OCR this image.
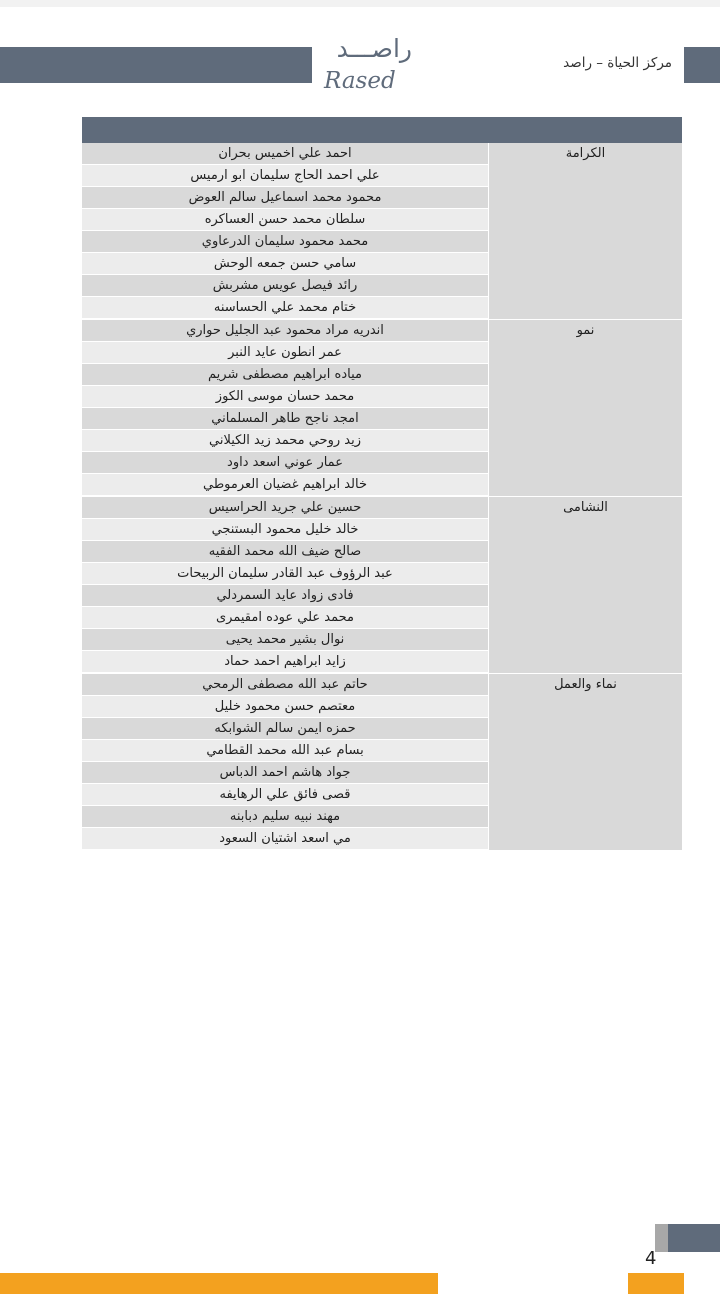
راصـــد
Rased
مركز الحياة – راصد
الكرامة
احمد علي اخميس بحران
علي احمد الحاج سليمان ابو ارميس
محمود محمد اسماعيل سالم العوض
سلطان محمد حسن العساكره
محمد محمود سليمان الدرعاوي
سامي حسن جمعه الوحش
رائد فيصل عويس مشربش
ختام محمد علي الحساسنه
نمو
اندريه مراد محمود عبد الجليل حواري
عمر انطون عايد النبر
مياده ابراهيم مصطفى شريم
محمد حسان موسى الكوز
امجد ناجح طاهر المسلماني
زيد روحي محمد زيد الكيلاني
عمار عوني اسعد داود
خالد ابراهيم غضيان العرموطي
النشامى
حسين علي جريد الحراسيس
خالد خليل محمود البستنجي
صالح ضيف الله محمد الفقيه
عبد الرؤوف عبد القادر سليمان الربيحات
فادى زواد عايد السمردلي
محمد علي عوده امقيمرى
نوال بشير محمد يحيى
زايد ابراهيم احمد حماد
نماء والعمل
حاتم عبد الله مصطفى الرمحي
معتصم حسن محمود خليل
حمزه ايمن سالم الشوابكه
بسام عبد الله محمد القطامي
جواد هاشم احمد الدباس
قصى فائق علي الرهايفه
مهند نبيه سليم دبابنه
مي اسعد اشتيان السعود
4
